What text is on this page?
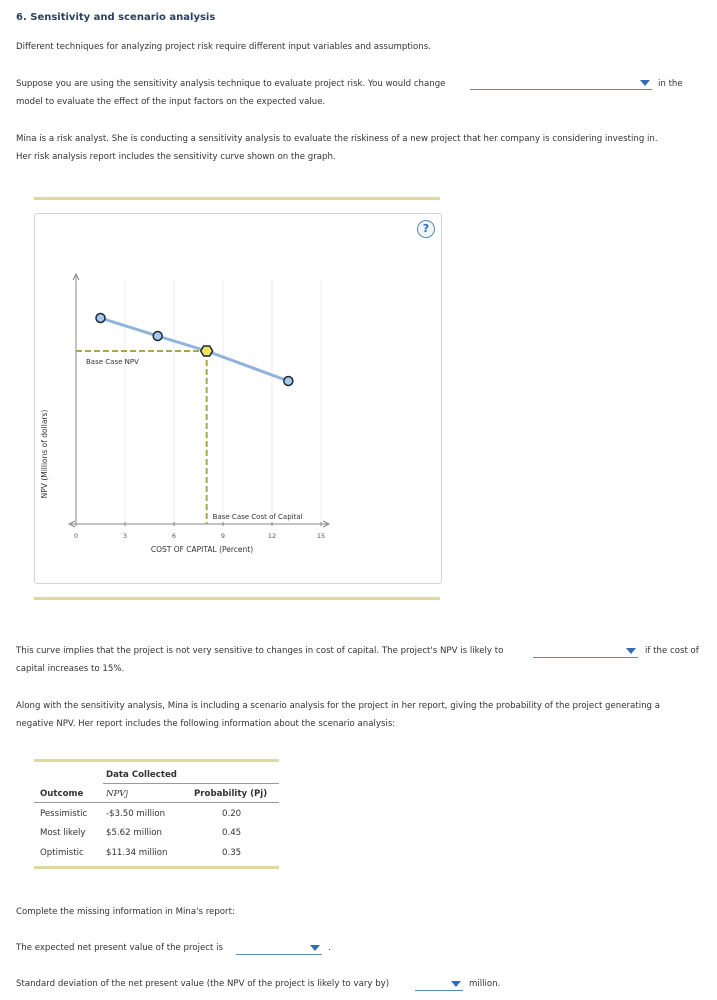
6. Sensitivity and scenario analysis
Different techniques for analyzing project risk require different input variables and assumptions.
Suppose you are using the sensitivity analysis technique to evaluate project risk. You would change	in the
model to evaluate the effect of the input factors on the expected value.
Mina is a risk analyst. She is conducting a sensitivity analysis to evaluate the riskiness of a new project that her company is considering investing in.
Her risk analysis report includes the sensitivity curve shown on the graph.
?
NPV (Millions of dollars)
Base Case NPV
Base Case Cost of Capital
0	3	6	9	12	15
COST OF CAPITAL (Percent)
This curve implies that the project is not very sensitive to changes in cost of capital. The project's NPV is likely to	if the cost of
capital increases to 15%.
Along with the sensitivity analysis, Mina is including a scenario analysis for the project in her report, giving the probability of the project generating a
negative NPV. Her report includes the following information about the scenario analysis:
Data Collected
Outcome	NPVj	Probability (Pj)
Pessimistic -$3.50 million	0.20
Most likely $5.62 million	0.45
Optimistic	$11.34 million	0.35
Complete the missing information in Mina's report:
The expected net present value of the project is	.
Standard deviation of the net present value (the NPV of the project is likely to vary by)	million.
